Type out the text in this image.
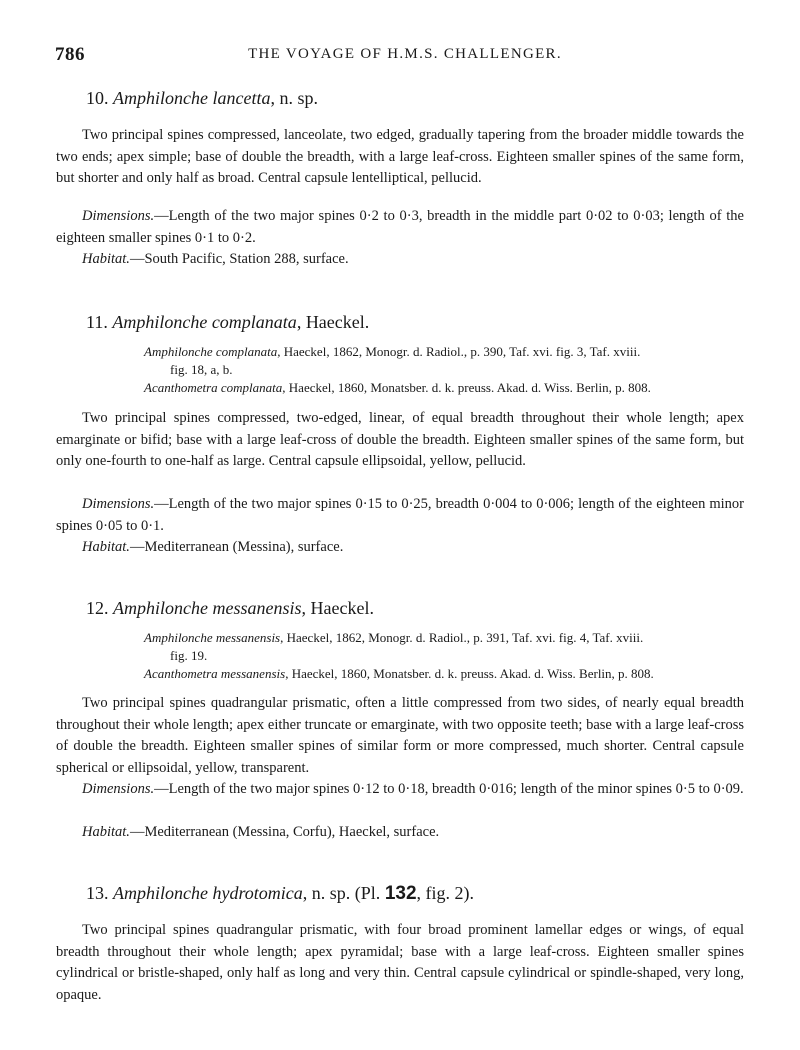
786	THE VOYAGE OF H.M.S. CHALLENGER.
10. Amphilonche lancetta, n. sp.
Two principal spines compressed, lanceolate, two edged, gradually tapering from the broader middle towards the two ends; apex simple; base of double the breadth, with a large leaf-cross. Eighteen smaller spines of the same form, but shorter and only half as broad. Central capsule lentelliptical, pellucid.
Dimensions.—Length of the two major spines 0·2 to 0·3, breadth in the middle part 0·02 to 0·03; length of the eighteen smaller spines 0·1 to 0·2.
Habitat.—South Pacific, Station 288, surface.
11. Amphilonche complanata, Haeckel.
Amphilonche complanata, Haeckel, 1862, Monogr. d. Radiol., p. 390, Taf. xvi. fig. 3, Taf. xviii.
fig. 18, a, b.
Acanthometra complanata, Haeckel, 1860, Monatsber. d. k. preuss. Akad. d. Wiss. Berlin, p. 808.
Two principal spines compressed, two-edged, linear, of equal breadth throughout their whole length; apex emarginate or bifid; base with a large leaf-cross of double the breadth. Eighteen smaller spines of the same form, but only one-fourth to one-half as large. Central capsule ellipsoidal, yellow, pellucid.
Dimensions.—Length of the two major spines 0·15 to 0·25, breadth 0·004 to 0·006; length of the eighteen minor spines 0·05 to 0·1.
Habitat.—Mediterranean (Messina), surface.
12. Amphilonche messanensis, Haeckel.
Amphilonche messanensis, Haeckel, 1862, Monogr. d. Radiol., p. 391, Taf. xvi. fig. 4, Taf. xviii.
fig. 19.
Acanthometra messanensis, Haeckel, 1860, Monatsber. d. k. preuss. Akad. d. Wiss. Berlin, p. 808.
Two principal spines quadrangular prismatic, often a little compressed from two sides, of nearly equal breadth throughout their whole length; apex either truncate or emarginate, with two opposite teeth; base with a large leaf-cross of double the breadth. Eighteen smaller spines of similar form or more compressed, much shorter. Central capsule spherical or ellipsoidal, yellow, transparent.
Dimensions.—Length of the two major spines 0·12 to 0·18, breadth 0·016; length of the minor spines 0·5 to 0·09.
Habitat.—Mediterranean (Messina, Corfu), Haeckel, surface.
13. Amphilonche hydrotomica, n. sp. (Pl. 132, fig. 2).
Two principal spines quadrangular prismatic, with four broad prominent lamellar edges or wings, of equal breadth throughout their whole length; apex pyramidal; base with a large leaf-cross. Eighteen smaller spines cylindrical or bristle-shaped, only half as long and very thin. Central capsule cylindrical or spindle-shaped, very long, opaque.
